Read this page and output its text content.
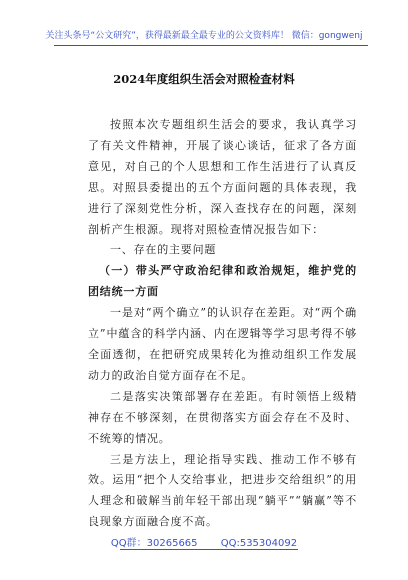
关注头条号“公文研究”，获得最新最全最专业的公文资料库！ 微信：gongwenj
2024年度组织生活会对照检查材料

按照本次专题组织生活会的要求，我认真学习了有关文件精神，开展了谈心谈话，征求了各方面意见，对自己的个人思想和工作生活进行了认真反思。对照县委提出的五个方面问题的具体表现，我进行了深刻党性分析，深入查找存在的问题，深刻剖析产生根源。现将对照检查情况报告如下：

一、存在的主要问题

（一）带头严守政治纪律和政治规矩，维护党的团结统一方面

一是对“两个确立”的认识存在差距。对“两个确立”中蕴含的科学内涵、内在逻辑等学习思考得不够全面透彻，在把研究成果转化为推动组织工作发展动力的政治自觉方面存在不足。

二是落实决策部署存在差距。有时领悟上级精神存在不够深刻，在贯彻落实方面会存在不及时、不统筹的情况。

三是方法上，理论指导实践、推动工作不够有效。运用“把个人交给事业，把进步交给组织”的用人理念和破解当前年轻干部出现“躺平”“躺赢”等不良现象方面融合度不高。

QQ群：30265665 QQ:535304092
